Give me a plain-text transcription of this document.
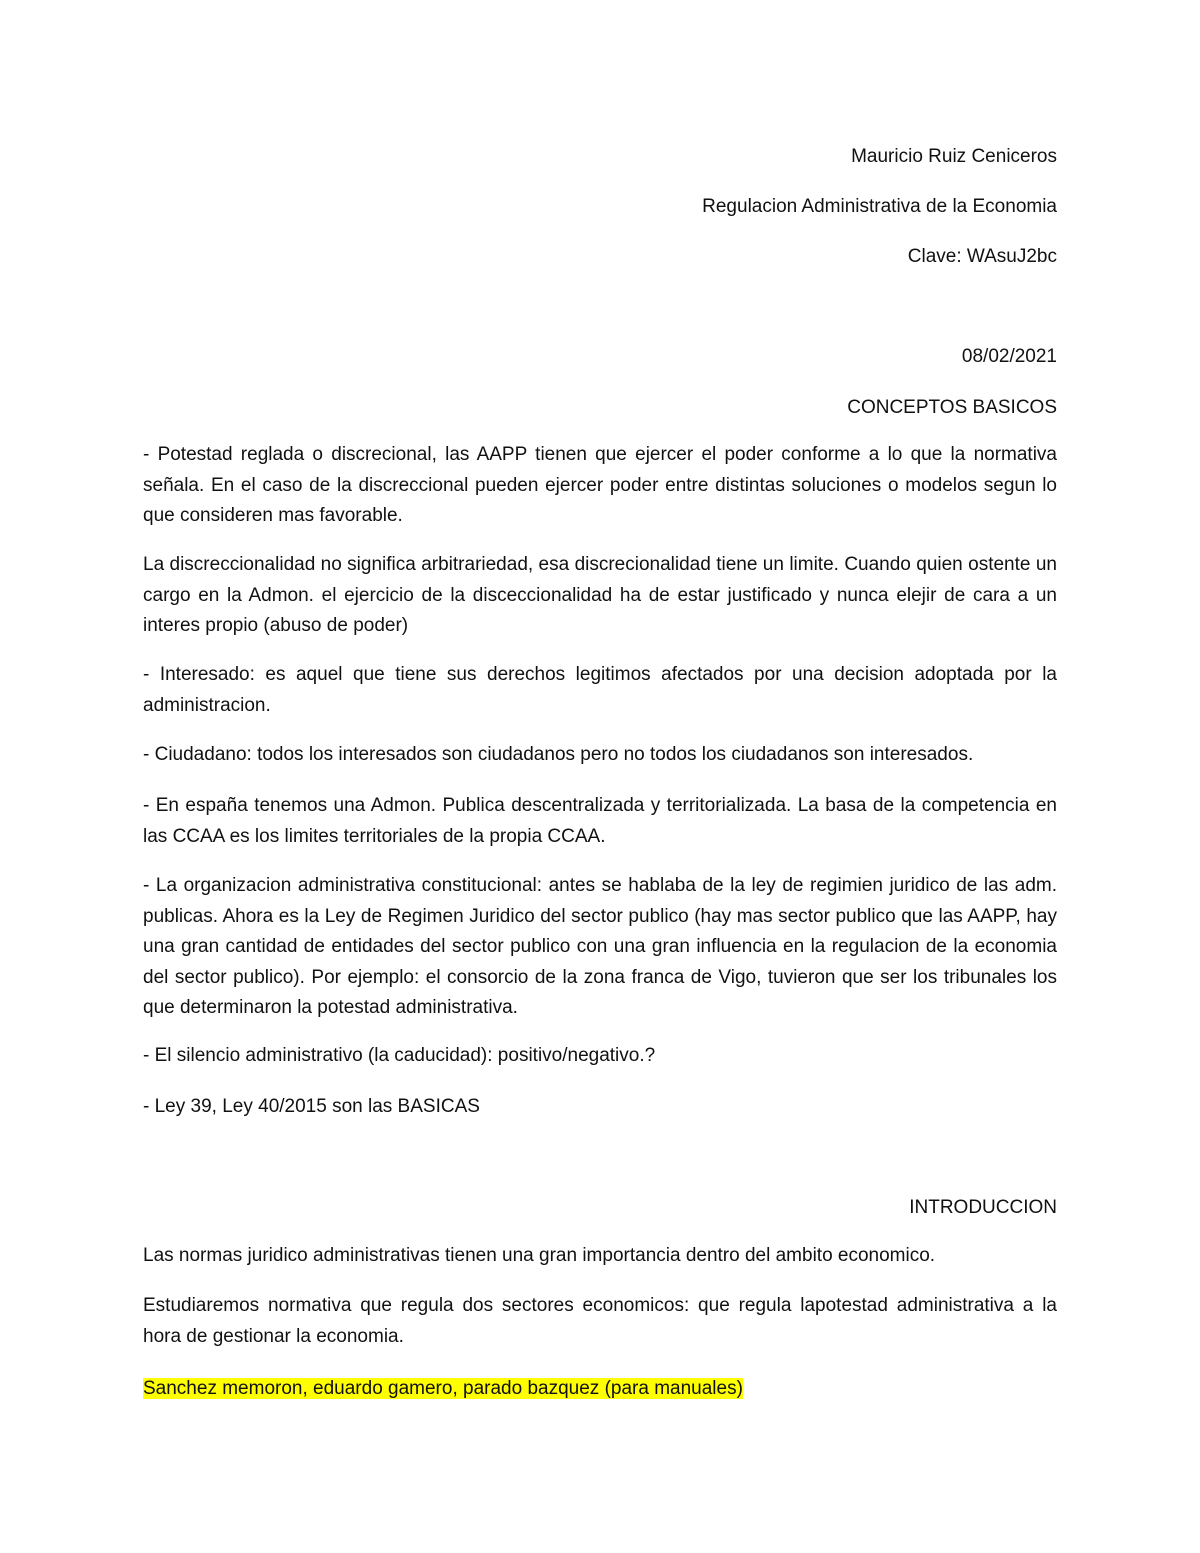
Mauricio Ruiz Ceniceros

Regulacion Administrativa de la Economia

Clave: WAsuJ2bc

08/02/2021

CONCEPTOS BASICOS

- Potestad reglada o discrecional, las AAPP tienen que ejercer el poder conforme a lo que la normativa señala. En el caso de la discreccional pueden ejercer poder entre distintas soluciones o modelos segun lo que consideren mas favorable.

La discreccionalidad no significa arbitrariedad, esa discrecionalidad tiene un limite. Cuando quien ostente un cargo en la Admon. el ejercicio de la disceccionalidad ha de estar justificado y nunca elejir de cara a un interes propio (abuso de poder)

- Interesado: es aquel que tiene sus derechos legitimos afectados por una decision adoptada por la administracion.

- Ciudadano: todos los interesados son ciudadanos pero no todos los ciudadanos son interesados.

- En españa tenemos una Admon. Publica descentralizada y territorializada. La basa de la competencia en las CCAA es los limites territoriales de la propia CCAA.

- La organizacion administrativa constitucional: antes se hablaba de la ley de regimien juridico de las adm. publicas. Ahora es la Ley de Regimen Juridico del sector publico (hay mas sector publico que las AAPP, hay una gran cantidad de entidades del sector publico con una gran influencia en la regulacion de la economia del sector publico). Por ejemplo: el consorcio de la zona franca de Vigo, tuvieron que ser los tribunales los que determinaron la potestad administrativa.

- El silencio administrativo (la caducidad): positivo/negativo.?

- Ley 39, Ley 40/2015 son las BASICAS

INTRODUCCION

Las normas juridico administrativas tienen una gran importancia dentro del ambito economico.

Estudiaremos normativa que regula dos sectores economicos: que regula lapotestad administrativa a la hora de gestionar la economia.

Sanchez memoron, eduardo gamero, parado bazquez (para manuales)
